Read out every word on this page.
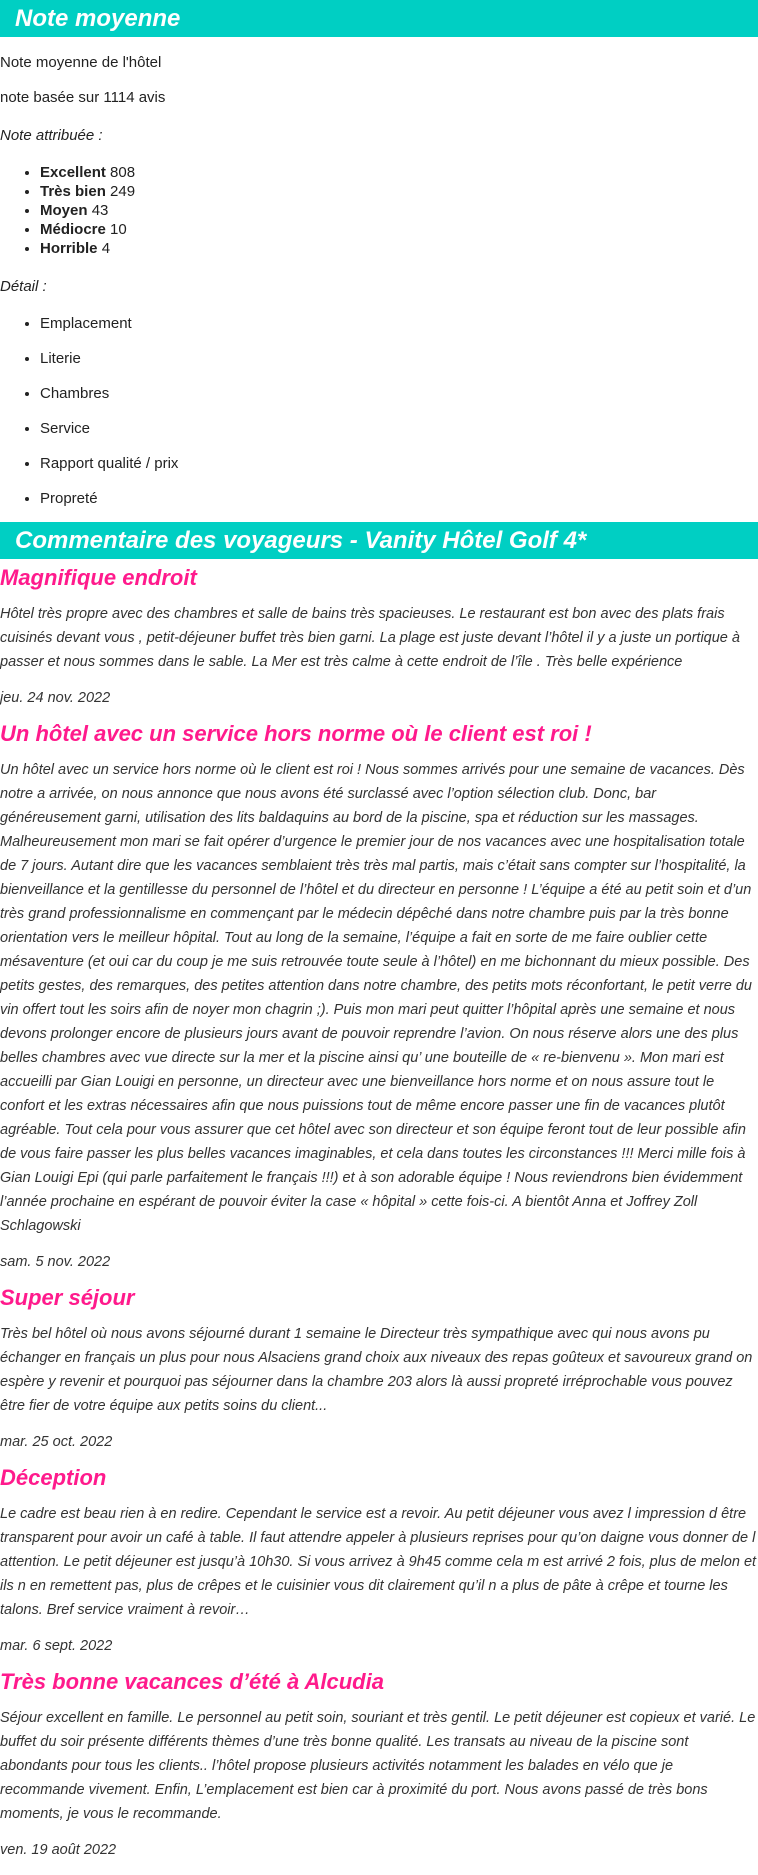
Note moyenne

Note moyenne de l'hôtel

note basée sur 1114 avis

Note attribuée :

• Excellent 808
• Très bien 249
• Moyen 43
• Médiocre 10
• Horrible 4

Détail :

• Emplacement
• Literie
• Chambres
• Service
• Rapport qualité / prix
• Propreté
Commentaire des voyageurs - Vanity Hôtel Golf 4*
Magnifique endroit

Hôtel très propre avec des chambres et salle de bains très spacieuses. Le restaurant est bon avec des plats frais cuisinés devant vous , petit-déjeuner buffet très bien garni. La plage est juste devant l’hôtel il y a juste un portique à passer et nous sommes dans le sable. La Mer est très calme à cette endroit de l’île . Très belle expérience

jeu. 24 nov. 2022

Un hôtel avec un service hors norme où le client est roi !

Un hôtel avec un service hors norme où le client est roi ! Nous sommes arrivés pour une semaine de vacances. Dès notre a arrivée, on nous annonce que nous avons été surclassé avec l’option sélection club. Donc, bar généreusement garni, utilisation des lits baldaquins au bord de la piscine, spa et réduction sur les massages. Malheureusement mon mari se fait opérer d’urgence le premier jour de nos vacances avec une hospitalisation totale de 7 jours. Autant dire que les vacances semblaient très très mal partis, mais c’était sans compter sur l’hospitalité, la bienveillance et la gentillesse du personnel de l’hôtel et du directeur en personne ! L’équipe a été au petit soin et d’un très grand professionnalisme en commençant par le médecin dépêché dans notre chambre puis par la très bonne orientation vers le meilleur hôpital. Tout au long de la semaine, l’équipe a fait en sorte de me faire oublier cette mésaventure (et oui car du coup je me suis retrouvée toute seule à l’hôtel) en me bichonnant du mieux possible. Des petits gestes, des remarques, des petites attention dans notre chambre, des petits mots réconfortant, le petit verre du vin offert tout les soirs afin de noyer mon chagrin ;). Puis mon mari peut quitter l’hôpital après une semaine et nous devons prolonger encore de plusieurs jours avant de pouvoir reprendre l’avion. On nous réserve alors une des plus belles chambres avec vue directe sur la mer et la piscine ainsi qu’ une bouteille de « re-bienvenu ». Mon mari est accueilli par Gian Louigi en personne, un directeur avec une bienveillance hors norme et on nous assure tout le confort et les extras nécessaires afin que nous puissions tout de même encore passer une fin de vacances plutôt agréable. Tout cela pour vous assurer que cet hôtel avec son directeur et son équipe feront tout de leur possible afin de vous faire passer les plus belles vacances imaginables, et cela dans toutes les circonstances !!! Merci mille fois à Gian Louigi Epi (qui parle parfaitement le français !!!) et à son adorable équipe ! Nous reviendrons bien évidemment l’année prochaine en espérant de pouvoir éviter la case « hôpital » cette fois-ci. A bientôt Anna et Joffrey Zoll Schlagowski

sam. 5 nov. 2022

Super séjour

Très bel hôtel où nous avons séjourné durant 1 semaine le Directeur très sympathique avec qui nous avons pu échanger en français un plus pour nous Alsaciens grand choix aux niveaux des repas goûteux et savoureux grand on espère y revenir et pourquoi pas séjourner dans la chambre 203 alors là aussi propreté irréprochable vous pouvez être fier de votre équipe aux petits soins du client...

mar. 25 oct. 2022

Déception

Le cadre est beau rien à en redire. Cependant le service est a revoir. Au petit déjeuner vous avez l impression d être transparent pour avoir un café à table. Il faut attendre appeler à plusieurs reprises pour qu’on daigne vous donner de l attention. Le petit déjeuner est jusqu’à 10h30. Si vous arrivez à 9h45 comme cela m est arrivé 2 fois, plus de melon et ils n en remettent pas, plus de crêpes et le cuisinier vous dit clairement qu’il n a plus de pâte à crêpe et tourne les talons. Bref service vraiment à revoir…

mar. 6 sept. 2022

Très bonne vacances d’été à Alcudia

Séjour excellent en famille. Le personnel au petit soin, souriant et très gentil. Le petit déjeuner est copieux et varié. Le buffet du soir présente différents thèmes d’une très bonne qualité. Les transats au niveau de la piscine sont abondants pour tous les clients.. l’hôtel propose plusieurs activités notamment les balades en vélo que je recommande vivement. Enfin, L’emplacement est bien car à proximité du port. Nous avons passé de très bons moments, je vous le recommande.

ven. 19 août 2022
